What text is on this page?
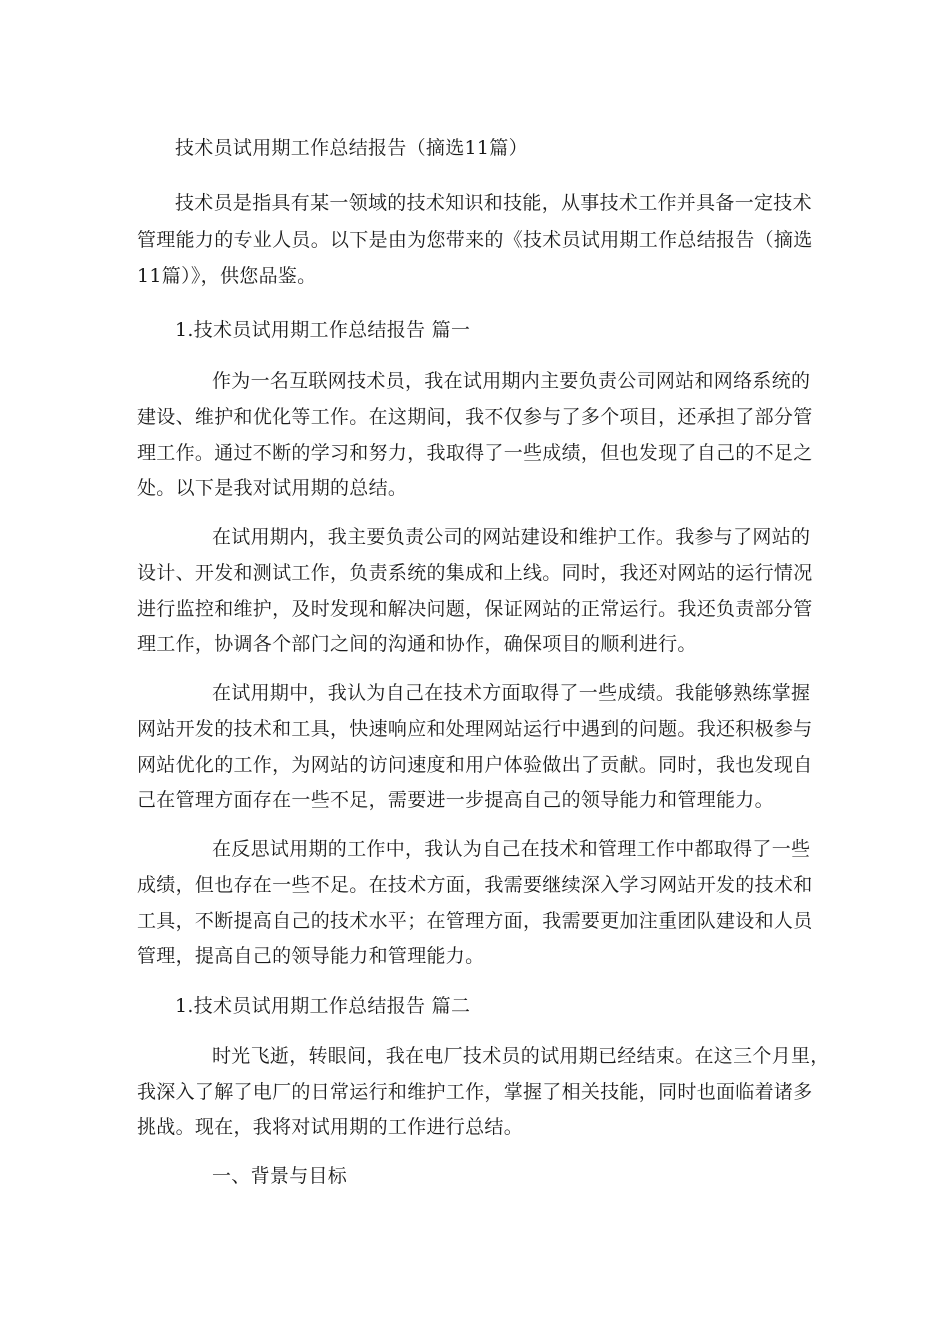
技术员试用期工作总结报告（摘选11篇）
技术员是指具有某一领域的技术知识和技能，从事技术工作并具备一定技术
管理能力的专业人员。以下是由为您带来的《技术员试用期工作总结报告（摘选
11篇）》，供您品鉴。
1.技术员试用期工作总结报告 篇一
作为一名互联网技术员，我在试用期内主要负责公司网站和网络系统的
建设、维护和优化等工作。在这期间，我不仅参与了多个项目，还承担了部分管
理工作。通过不断的学习和努力，我取得了一些成绩，但也发现了自己的不足之
处。以下是我对试用期的总结。
在试用期内，我主要负责公司的网站建设和维护工作。我参与了网站的
设计、开发和测试工作，负责系统的集成和上线。同时，我还对网站的运行情况
进行监控和维护，及时发现和解决问题，保证网站的正常运行。我还负责部分管
理工作，协调各个部门之间的沟通和协作，确保项目的顺利进行。
在试用期中，我认为自己在技术方面取得了一些成绩。我能够熟练掌握
网站开发的技术和工具，快速响应和处理网站运行中遇到的问题。我还积极参与
网站优化的工作，为网站的访问速度和用户体验做出了贡献。同时，我也发现自
己在管理方面存在一些不足，需要进一步提高自己的领导能力和管理能力。
在反思试用期的工作中，我认为自己在技术和管理工作中都取得了一些
成绩，但也存在一些不足。在技术方面，我需要继续深入学习网站开发的技术和
工具，不断提高自己的技术水平；在管理方面，我需要更加注重团队建设和人员
管理，提高自己的领导能力和管理能力。
1.技术员试用期工作总结报告 篇二
时光飞逝，转眼间，我在电厂技术员的试用期已经结束。在这三个月里，
我深入了解了电厂的日常运行和维护工作，掌握了相关技能，同时也面临着诸多
挑战。现在，我将对试用期的工作进行总结。
一、背景与目标
